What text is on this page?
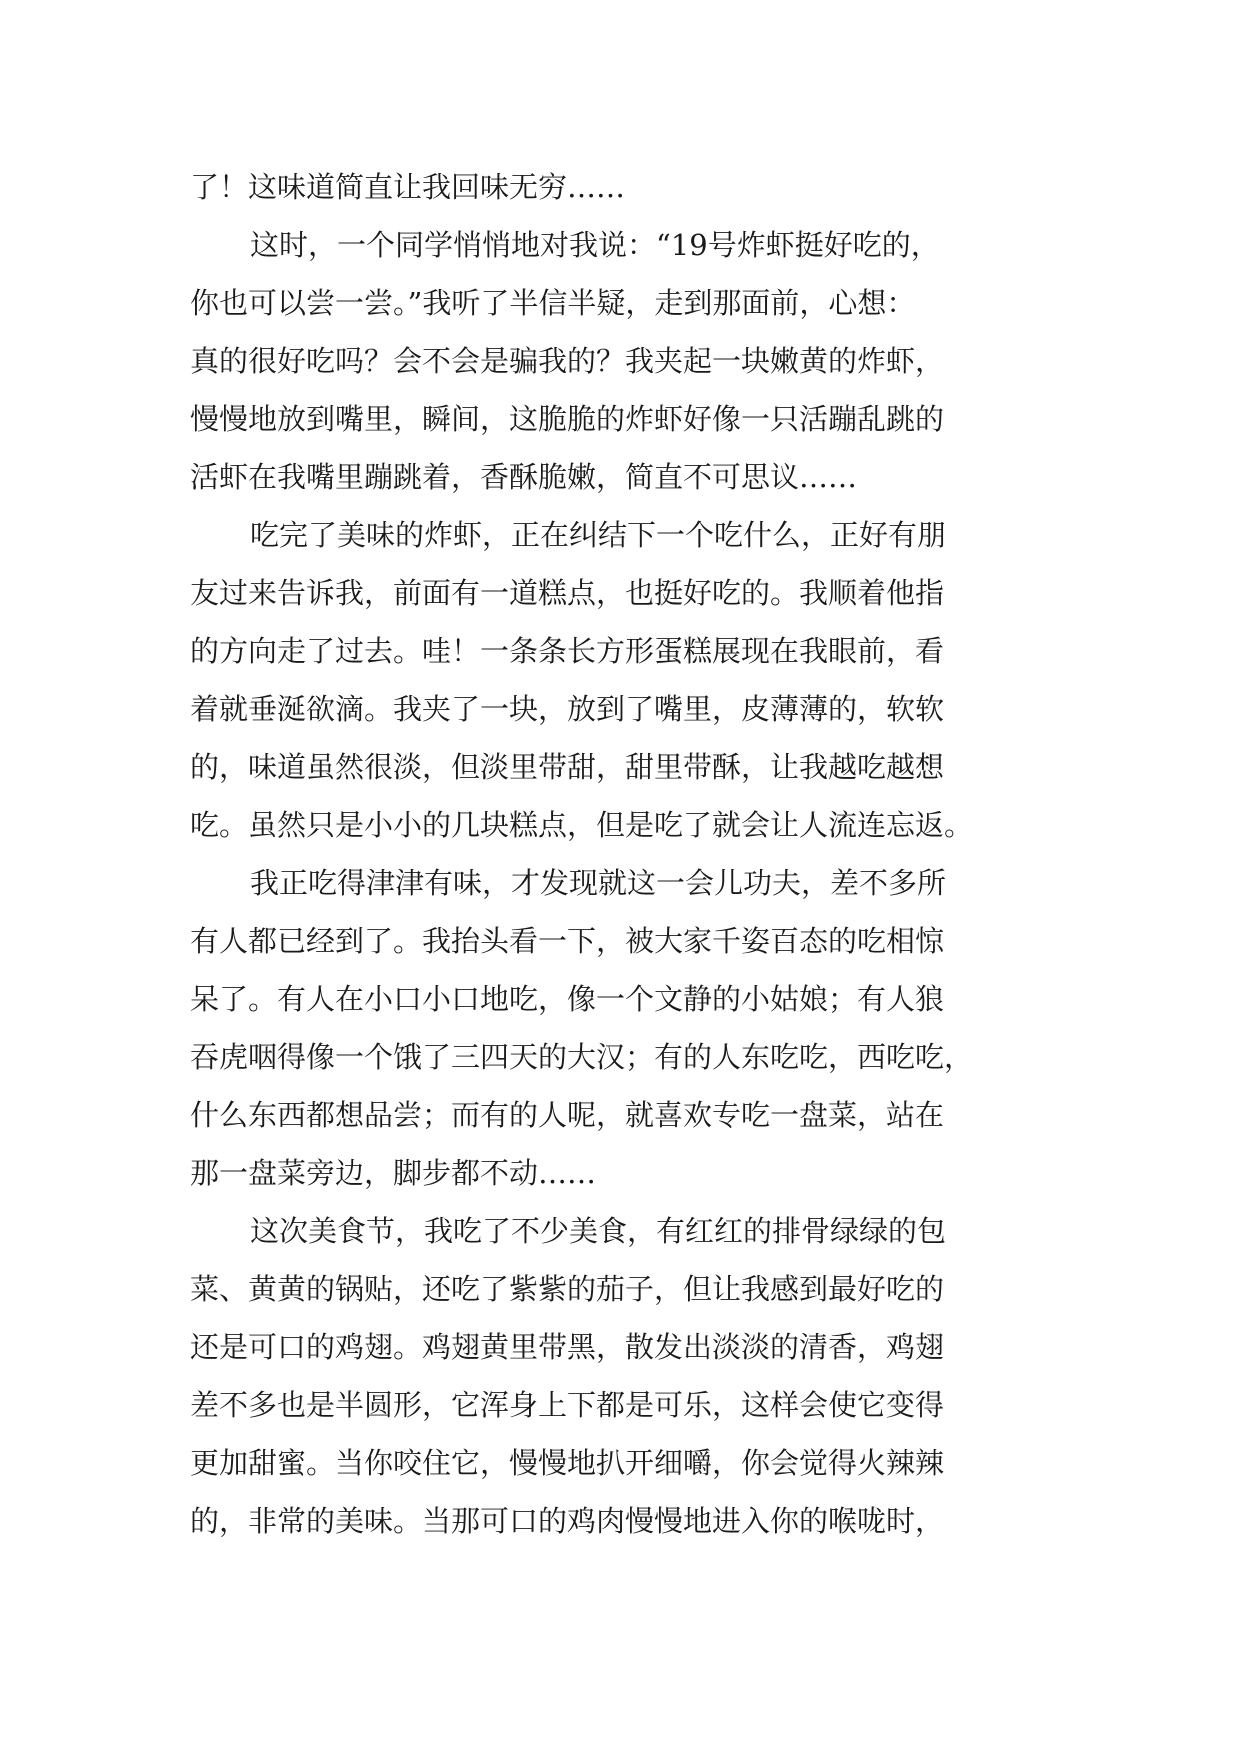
了！这味道简直让我回味无穷……
这时，一个同学悄悄地对我说：“19号炸虾挺好吃的，
你也可以尝一尝。”我听了半信半疑，走到那面前，心想：
真的很好吃吗？会不会是骗我的？我夹起一块嫩黄的炸虾，
慢慢地放到嘴里，瞬间，这脆脆的炸虾好像一只活蹦乱跳的
活虾在我嘴里蹦跳着，香酥脆嫩，简直不可思议……
吃完了美味的炸虾，正在纠结下一个吃什么，正好有朋
友过来告诉我，前面有一道糕点，也挺好吃的。我顺着他指
的方向走了过去。哇！一条条长方形蛋糕展现在我眼前，看
着就垂涎欲滴。我夹了一块，放到了嘴里，皮薄薄的，软软
的，味道虽然很淡，但淡里带甜，甜里带酥，让我越吃越想
吃。虽然只是小小的几块糕点，但是吃了就会让人流连忘返。
我正吃得津津有味，才发现就这一会儿功夫，差不多所
有人都已经到了。我抬头看一下，被大家千姿百态的吃相惊
呆了。有人在小口小口地吃，像一个文静的小姑娘；有人狼
吞虎咽得像一个饿了三四天的大汉；有的人东吃吃，西吃吃，
什么东西都想品尝；而有的人呢，就喜欢专吃一盘菜，站在
那一盘菜旁边，脚步都不动……
这次美食节，我吃了不少美食，有红红的排骨绿绿的包
菜、黄黄的锅贴，还吃了紫紫的茄子，但让我感到最好吃的
还是可口的鸡翅。鸡翅黄里带黑，散发出淡淡的清香，鸡翅
差不多也是半圆形，它浑身上下都是可乐，这样会使它变得
更加甜蜜。当你咬住它，慢慢地扒开细嚼，你会觉得火辣辣
的，非常的美味。当那可口的鸡肉慢慢地进入你的喉咙时，
